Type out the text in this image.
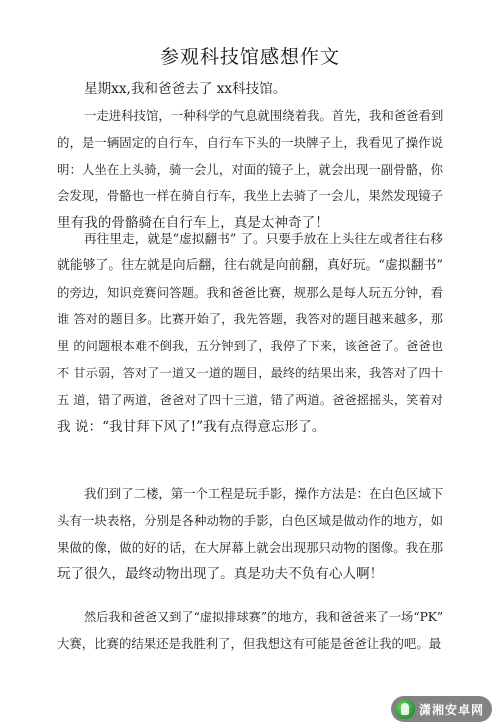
参观科技馆感想作文
星期xx,我和爸爸去了 xx科技馆。
一走进科技馆，一种科学的气息就围绕着我。首先，我和爸爸看到
的，是一辆固定的自行车，自行车下头的一块牌子上，我看见了操作说
明：人坐在上头骑，骑一会儿，对面的镜子上，就会出现一副骨骼，你
会发现，骨骼也一样在骑自行车，我坐上去骑了一会儿，果然发现镜子
里有我的骨骼骑在自行车上，真是太神奇了！
再往里走，就是“虚拟翻书” 了。只要手放在上头往左或者往右移
就能够了。往左就是向后翻，往右就是向前翻，真好玩。“虚拟翻书”
的旁边，知识竞赛问答题。我和爸爸比赛，规那么是每人玩五分钟，看
谁 答对的题目多。比赛开始了，我先答题，我答对的题目越来越多，那
里 的问题根本难不倒我，五分钟到了，我停了下来，该爸爸了。爸爸也
不 甘示弱，答对了一道又一道的题目，最终的结果出来，我答对了四十
五 道，错了两道，爸爸对了四十三道，错了两道。爸爸摇摇头，笑着对
我 说：“我甘拜下风了!”我有点得意忘形了。
我们到了二楼，第一个工程是玩手影，操作方法是：在白色区域下
头有一块表格，分别是各种动物的手影，白色区域是做动作的地方，如
果做的像，做的好的话，在大屏幕上就会出现那只动物的图像。我在那
玩了很久，最终动物出现了。真是功夫不负有心人啊！
然后我和爸爸又到了“虚拟排球赛”的地方，我和爸爸来了一场“PK”
大赛，比赛的结果还是我胜利了，但我想这有可能是爸爸让我的吧。最
潇湘安卓网
